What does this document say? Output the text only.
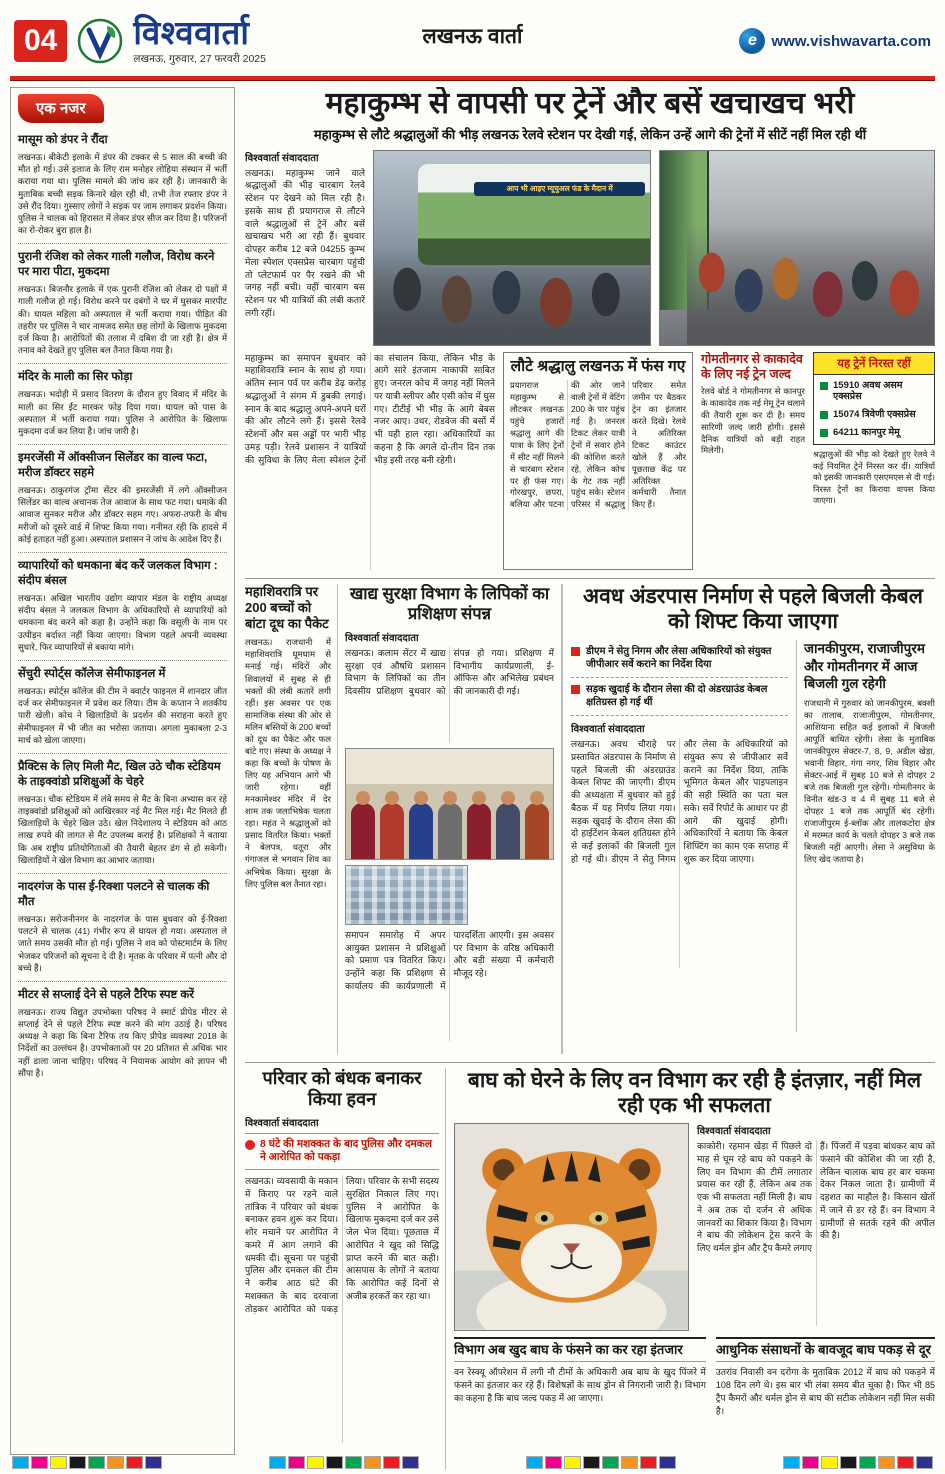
04	विश्ववार्ता
लखनऊ, गुरुवार, 27 फरवरी 2025
लखनऊ वार्ता	e www.vishwavarta.com
एक नजर
मासूम को डंपर ने रौंदा

लखनऊ। बीकेटी इलाके में डंपर की टक्कर से 5 साल की बच्ची की मौत हो गई। उसे इलाज के लिए राम मनोहर लोहिया संस्थान में भर्ती कराया गया था। पुलिस मामले की जांच कर रही है। जानकारी के मुताबिक बच्ची सड़क किनारे खेल रही थी, तभी तेज रफ्तार डंपर ने उसे रौंद दिया। गुस्साए लोगों ने सड़क पर जाम लगाकर प्रदर्शन किया। पुलिस ने चालक को हिरासत में लेकर डंपर सीज कर दिया है। परिजनों का रो-रोकर बुरा हाल है।

पुरानी रंजिश को लेकर गाली गलौज, विरोध करने पर मारा पीटा, मुकदमा

लखनऊ। बिजनौर इलाके में एक पुरानी रंजिश को लेकर दो पक्षों में गाली गलौज हो गई। विरोध करने पर दबंगों ने घर में घुसकर मारपीट की। घायल महिला को अस्पताल में भर्ती कराया गया। पीड़ित की तहरीर पर पुलिस ने चार नामजद समेत छह लोगों के खिलाफ मुकदमा दर्ज किया है। आरोपितों की तलाश में दबिश दी जा रही है। क्षेत्र में तनाव को देखते हुए पुलिस बल तैनात किया गया है।

मंदिर के माली का सिर फोड़ा

लखनऊ। भदोही में प्रसाद वितरण के दौरान हुए विवाद में मंदिर के माली का सिर ईंट मारकर फोड़ दिया गया। घायल को पास के अस्पताल में भर्ती कराया गया। पुलिस ने आरोपित के खिलाफ मुकदमा दर्ज कर लिया है। जांच जारी है।

इमरजेंसी में ऑक्सीजन सिलेंडर का वाल्व फटा, मरीज डॉक्टर सहमे

लखनऊ। ठाकुरगंज ट्रॉमा सेंटर की इमरजेंसी में लगे ऑक्सीजन सिलेंडर का वाल्व अचानक तेज आवाज के साथ फट गया। धमाके की आवाज सुनकर मरीज और डॉक्टर सहम गए। अफरा-तफरी के बीच मरीजों को दूसरे वार्ड में शिफ्ट किया गया। गनीमत रही कि हादसे में कोई हताहत नहीं हुआ। अस्पताल प्रशासन ने जांच के आदेश दिए हैं।

व्यापारियों को धमकाना बंद करें जलकल विभाग : संदीप बंसल

लखनऊ। अखिल भारतीय उद्योग व्यापार मंडल के राष्ट्रीय अध्यक्ष संदीप बंसल ने जलकल विभाग के अधिकारियों से व्यापारियों को धमकाना बंद करने को कहा है। उन्होंने कहा कि वसूली के नाम पर उत्पीड़न बर्दाश्त नहीं किया जाएगा। विभाग पहले अपनी व्यवस्था सुधारे, फिर व्यापारियों से बकाया मांगे।

सेंचुरी स्पोर्ट्स कॉलेज सेमीफाइनल में

लखनऊ। स्पोर्ट्स कॉलेज की टीम ने क्वार्टर फाइनल में शानदार जीत दर्ज कर सेमीफाइनल में प्रवेश कर लिया। टीम के कप्तान ने शतकीय पारी खेली। कोच ने खिलाड़ियों के प्रदर्शन की सराहना करते हुए सेमीफाइनल में भी जीत का भरोसा जताया। अगला मुकाबला 2-3 मार्च को खेला जाएगा।

प्रैक्टिस के लिए मिली मैट, खिल उठे चौक स्टेडियम के ताइक्वांडो प्रशिक्षुओं के चेहरे

लखनऊ। चौक स्टेडियम में लंबे समय से मैट के बिना अभ्यास कर रहे ताइक्वांडो प्रशिक्षुओं को आखिरकार नई मैट मिल गई। मैट मिलते ही खिलाड़ियों के चेहरे खिल उठे। खेल निदेशालय ने स्टेडियम को आठ लाख रुपये की लागत से मैट उपलब्ध कराई है। प्रशिक्षकों ने बताया कि अब राष्ट्रीय प्रतियोगिताओं की तैयारी बेहतर ढंग से हो सकेगी। खिलाड़ियों ने खेल विभाग का आभार जताया।

नादरगंज के पास ई-रिक्शा पलटने से चालक की मौत

लखनऊ। सरोजनीनगर के नादरगंज के पास बुधवार को ई-रिक्शा पलटने से चालक (41) गंभीर रूप से घायल हो गया। अस्पताल ले जाते समय उसकी मौत हो गई। पुलिस ने शव को पोस्टमार्टम के लिए भेजकर परिजनों को सूचना दे दी है। मृतक के परिवार में पत्नी और दो बच्चे हैं।

मीटर से सप्लाई देने से पहले टैरिफ स्पष्ट करें

लखनऊ। राज्य विद्युत उपभोक्ता परिषद ने स्मार्ट प्रीपेड मीटर से सप्लाई देने से पहले टैरिफ स्पष्ट करने की मांग उठाई है। परिषद अध्यक्ष ने कहा कि बिना टैरिफ तय किए प्रीपेड व्यवस्था 2018 के निर्देशों का उल्लंघन है। उपभोक्ताओं पर 20 प्रतिशत से अधिक भार नहीं डाला जाना चाहिए। परिषद ने नियामक आयोग को ज्ञापन भी सौंपा है।

महाकुम्भ से वापसी पर ट्रेनें और बसें खचाखच भरी

महाकुम्भ से लौटे श्रद्धालुओं की भीड़ लखनऊ रेलवे स्टेशन पर देखी गई, लेकिन उन्हें आगे की ट्रेनों में सीटें नहीं मिल रही थीं

विश्ववार्ता संवाददाता

लखनऊ। महाकुम्भ जाने वाले श्रद्धालुओं की भीड़ चारबाग रेलवे स्टेशन पर देखने को मिल रही है। इसके साथ ही प्रयागराज से लौटने वाले श्रद्धालुओं से ट्रेनें और बसें खचाखच भरी आ रही हैं। बुधवार दोपहर करीब 12 बजे 04255 कुम्भ मेला स्पेशल एक्सप्रेस चारबाग पहुंची तो प्लेटफार्म पर पैर रखने की भी जगह नहीं बची। वहीं चारबाग बस स्टेशन पर भी यात्रियों की लंबी कतारें लगी रहीं।

आप भी आइए म्यूचुअल फंड के मैदान में

महाकुम्भ का समापन बुधवार को महाशिवरात्रि स्नान के साथ हो गया। अंतिम स्नान पर्व पर करीब डेढ़ करोड़ श्रद्धालुओं ने संगम में डुबकी लगाई। स्नान के बाद श्रद्धालु अपने-अपने घरों की ओर लौटने लगे हैं। इससे रेलवे स्टेशनों और बस अड्डों पर भारी भीड़ उमड़ पड़ी। रेलवे प्रशासन ने यात्रियों की सुविधा के लिए मेला स्पेशल ट्रेनों का संचालन किया, लेकिन भीड़ के आगे सारे इंतजाम नाकाफी साबित हुए। जनरल कोच में जगह नहीं मिलने पर यात्री स्लीपर और एसी कोच में घुस गए। टीटीई भी भीड़ के आगे बेबस नजर आए। उधर, रोडवेज की बसों में भी यही हाल रहा। अधिकारियों का कहना है कि अगले दो-तीन दिन तक भीड़ इसी तरह बनी रहेगी।

लौटे श्रद्धालु लखनऊ में फंस गए

प्रयागराज महाकुम्भ से लौटकर लखनऊ पहुंचे हजारों श्रद्धालु आगे की यात्रा के लिए ट्रेनों में सीट नहीं मिलने से चारबाग स्टेशन पर ही फंस गए। गोरखपुर, छपरा, बलिया और पटना की ओर जाने वाली ट्रेनों में वेटिंग 200 के पार पहुंच गई है। जनरल टिकट लेकर यात्री ट्रेनों में सवार होने की कोशिश करते रहे, लेकिन कोच के गेट तक नहीं पहुंच सके। स्टेशन परिसर में श्रद्धालु परिवार समेत जमीन पर बैठकर ट्रेन का इंतजार करते दिखे। रेलवे ने अतिरिक्त टिकट काउंटर खोले हैं और पूछताछ केंद्र पर अतिरिक्त कर्मचारी तैनात किए हैं।

गोमतीनगर से काकादेव के लिए नई ट्रेन जल्द

रेलवे बोर्ड ने गोमतीनगर से कानपुर के काकादेव तक नई मेमू ट्रेन चलाने की तैयारी शुरू कर दी है। समय सारिणी जल्द जारी होगी। इससे दैनिक यात्रियों को बड़ी राहत मिलेगी।

यह ट्रेनें निरस्त रहीं
15910 अवध असम एक्सप्रेस
15074 त्रिवेणी एक्सप्रेस
64211 कानपुर मेमू

श्रद्धालुओं की भीड़ को देखते हुए रेलवे ने कई नियमित ट्रेनें निरस्त कर दीं। यात्रियों को इसकी जानकारी एसएमएस से दी गई। निरस्त ट्रेनों का किराया वापस किया जाएगा।

महाशिवरात्रि पर 200 बच्चों को बांटा दूध का पैकेट

लखनऊ। राजधानी में महाशिवरात्रि धूमधाम से मनाई गई। मंदिरों और शिवालयों में सुबह से ही भक्तों की लंबी कतारें लगी रहीं। इस अवसर पर एक सामाजिक संस्था की ओर से मलिन बस्तियों के 200 बच्चों को दूध का पैकेट और फल बांटे गए। संस्था के अध्यक्ष ने कहा कि बच्चों के पोषण के लिए यह अभियान आगे भी जारी रहेगा। वहीं मनकामेश्वर मंदिर में देर शाम तक जलाभिषेक चलता रहा। महंत ने श्रद्धालुओं को प्रसाद वितरित किया। भक्तों ने बेलपत्र, धतूरा और गंगाजल से भगवान शिव का अभिषेक किया। सुरक्षा के लिए पुलिस बल तैनात रहा।

खाद्य सुरक्षा विभाग के लिपिकों का प्रशिक्षण संपन्न

विश्ववार्ता संवाददाता

लखनऊ। कलाम सेंटर में खाद्य सुरक्षा एवं औषधि प्रशासन विभाग के लिपिकों का तीन दिवसीय प्रशिक्षण बुधवार को संपन्न हो गया। प्रशिक्षण में विभागीय कार्यप्रणाली, ई-ऑफिस और अभिलेख प्रबंधन की जानकारी दी गई।

समापन समारोह में अपर आयुक्त प्रशासन ने प्रशिक्षुओं को प्रमाण पत्र वितरित किए। उन्होंने कहा कि प्रशिक्षण से कार्यालय की कार्यप्रणाली में पारदर्शिता आएगी। इस अवसर पर विभाग के वरिष्ठ अधिकारी और बड़ी संख्या में कर्मचारी मौजूद रहे।

अवध अंडरपास निर्माण से पहले बिजली केबल को शिफ्ट किया जाएगा
डीएम ने सेतु निगम और लेसा अधिकारियों को संयुक्त जीपीआर सर्वे कराने का निर्देश दिया
सड़क खुदाई के दौरान लेसा की दो अंडरग्राउंड केबल क्षतिग्रस्त हो गई थीं

विश्ववार्ता संवाददाता

लखनऊ। अवध चौराहे पर प्रस्तावित अंडरपास के निर्माण से पहले बिजली की अंडरग्राउंड केबल शिफ्ट की जाएगी। डीएम की अध्यक्षता में बुधवार को हुई बैठक में यह निर्णय लिया गया। सड़क खुदाई के दौरान लेसा की दो हाईटेंशन केबल क्षतिग्रस्त होने से कई इलाकों की बिजली गुल हो गई थी। डीएम ने सेतु निगम और लेसा के अधिकारियों को संयुक्त रूप से जीपीआर सर्वे कराने का निर्देश दिया, ताकि भूमिगत केबल और पाइपलाइन की सही स्थिति का पता चल सके। सर्वे रिपोर्ट के आधार पर ही आगे की खुदाई होगी। अधिकारियों ने बताया कि केबल शिफ्टिंग का काम एक सप्ताह में शुरू कर दिया जाएगा।

जानकीपुरम, राजाजीपुरम और गोमतीनगर में आज बिजली गुल रहेगी

राजधानी में गुरुवार को जानकीपुरम, बक्शी का तालाब, राजाजीपुरम, गोमतीनगर, आशियाना सहित कई इलाकों में बिजली आपूर्ति बाधित रहेगी। लेसा के मुताबिक जानकीपुरम सेक्टर-7, 8, 9, अडील खेड़ा, भवानी विहार, गंगा नगर, शिव विहार और सेक्टर-आई में सुबह 10 बजे से दोपहर 2 बजे तक बिजली गुल रहेगी। गोमतीनगर के विनीत खंड-3 व 4 में सुबह 11 बजे से दोपहर 1 बजे तक आपूर्ति बंद रहेगी। राजाजीपुरम ई-ब्लॉक और तालकटोरा क्षेत्र में मरम्मत कार्य के चलते दोपहर 3 बजे तक बिजली नहीं आएगी। लेसा ने असुविधा के लिए खेद जताया है।

परिवार को बंधक बनाकर किया हवन

विश्ववार्ता संवाददाता

8 घंटे की मशक्कत के बाद पुलिस और दमकल ने आरोपित को पकड़ा

लखनऊ। व्यवसायी के मकान में किराए पर रहने वाले तांत्रिक ने परिवार को बंधक बनाकर हवन शुरू कर दिया। शोर मचाने पर आरोपित ने कमरे में आग लगाने की धमकी दी। सूचना पर पहुंची पुलिस और दमकल की टीम ने करीब आठ घंटे की मशक्कत के बाद दरवाजा तोड़कर आरोपित को पकड़ लिया। परिवार के सभी सदस्य सुरक्षित निकाल लिए गए। पुलिस ने आरोपित के खिलाफ मुकदमा दर्ज कर उसे जेल भेज दिया। पूछताछ में आरोपित ने खुद को सिद्धि प्राप्त करने की बात कही। आसपास के लोगों ने बताया कि आरोपित कई दिनों से अजीब हरकतें कर रहा था।

बाघ को घेरने के लिए वन विभाग कर रही है इंतज़ार, नहीं मिल रही एक भी सफलता

विश्ववार्ता संवाददाता

काकोरी। रहमान खेड़ा में पिछले दो माह से घूम रहे बाघ को पकड़ने के लिए वन विभाग की टीमें लगातार प्रयास कर रही हैं, लेकिन अब तक एक भी सफलता नहीं मिली है। बाघ ने अब तक दो दर्जन से अधिक जानवरों का शिकार किया है। विभाग ने बाघ की लोकेशन ट्रेस करने के लिए थर्मल ड्रोन और ट्रैप कैमरे लगाए हैं। पिंजरों में पड़वा बांधकर बाघ को फंसाने की कोशिश की जा रही है, लेकिन चालाक बाघ हर बार चकमा देकर निकल जाता है। ग्रामीणों में दहशत का माहौल है। किसान खेतों में जाने से डर रहे हैं। वन विभाग ने ग्रामीणों से सतर्क रहने की अपील की है।

विभाग अब खुद बाघ के फंसने का कर रहा इंतजार

वन रेस्क्यू ऑपरेशन में लगी नौ टीमों के अधिकारी अब बाघ के खुद पिंजरे में फंसने का इंतजार कर रहे हैं। विशेषज्ञों के साथ ड्रोन से निगरानी जारी है। विभाग का कहना है कि बाघ जल्द पकड़ में आ जाएगा।

आधुनिक संसाधनों के बावजूद बाघ पकड़ से दूर

उतरांव निवासी वन दरोगा के मुताबिक 2012 में बाघ को पकड़ने में 108 दिन लगे थे। इस बार भी लंबा समय बीत चुका है। फिर भी 85 ट्रैप कैमरों और थर्मल ड्रोन से बाघ की सटीक लोकेशन नहीं मिल सकी है।
